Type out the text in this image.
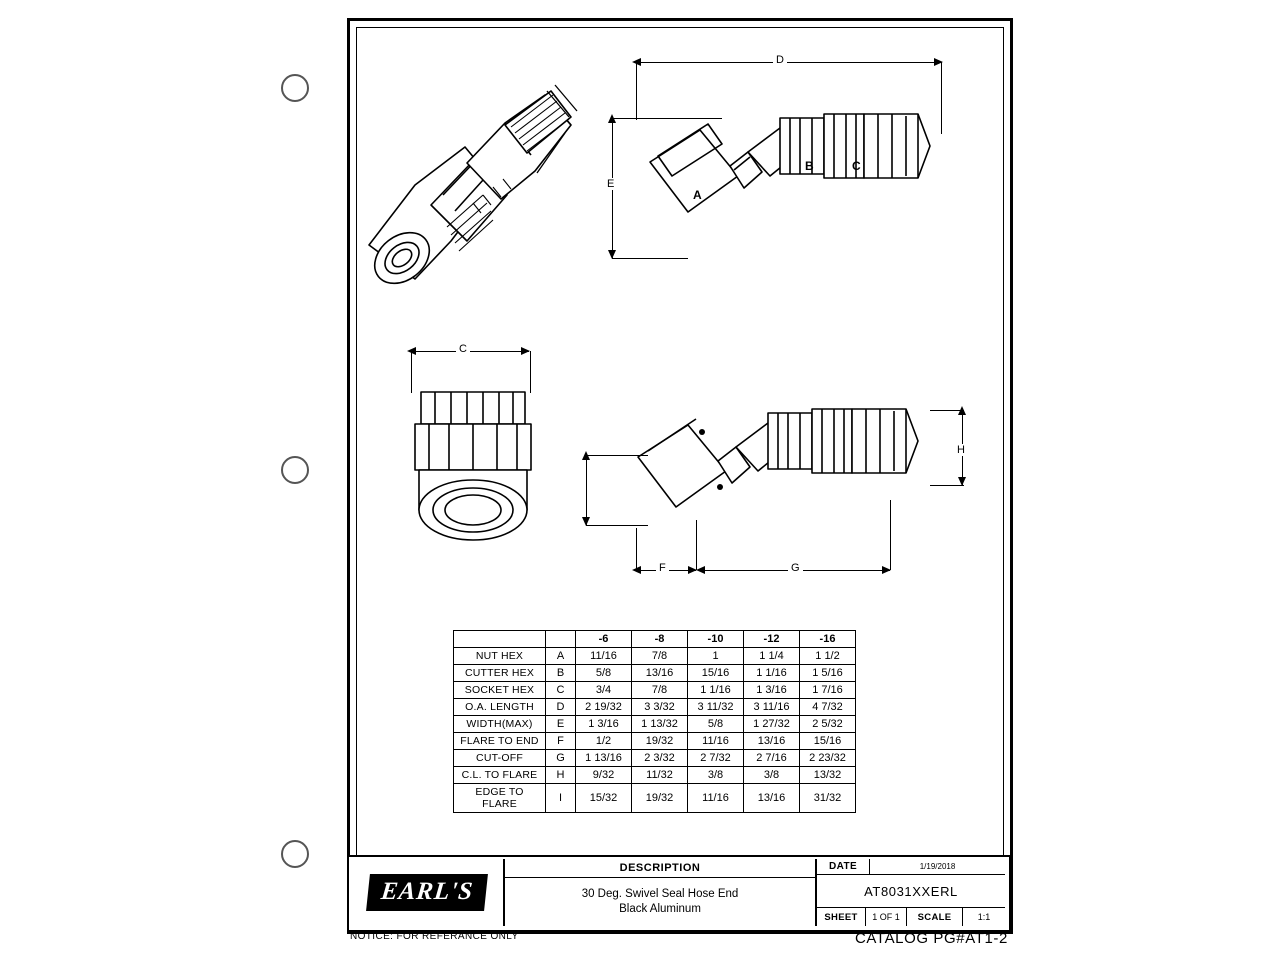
D
E
A
B	C
C
H
F	G
		-6	-8	-10	-12	-16
NUT HEX	A	11/16	7/8	1	1 1/4	1 1/2
CUTTER HEX	B	5/8	13/16	15/16	1 1/16	1 5/16
SOCKET HEX	C	3/4	7/8	1 1/16	1 3/16	1 7/16
O.A. LENGTH	D	2 19/32	3 3/32	3 11/32	3 11/16	4 7/32
WIDTH(MAX)	E	1 3/16	1 13/32	5/8	1 27/32	2 5/32
FLARE TO END	F	1/2	19/32	11/16	13/16	15/16
CUT-OFF	G	1 13/16	2 3/32	2 7/32	2 7/16	2 23/32
C.L. TO FLARE	H	9/32	11/32	3/8	3/8	13/32
EDGE TO FLARE	I	15/32	19/32	11/16	13/16	31/32
EARL'S
DESCRIPTION
30 Deg. Swivel Seal Hose End
Black Aluminum
DATE	1/19/2018
AT8031XXERL
SHEET	1 OF 1	SCALE	1:1
NOTICE: FOR REFERANCE ONLY	CATALOG PG#AT1-2
